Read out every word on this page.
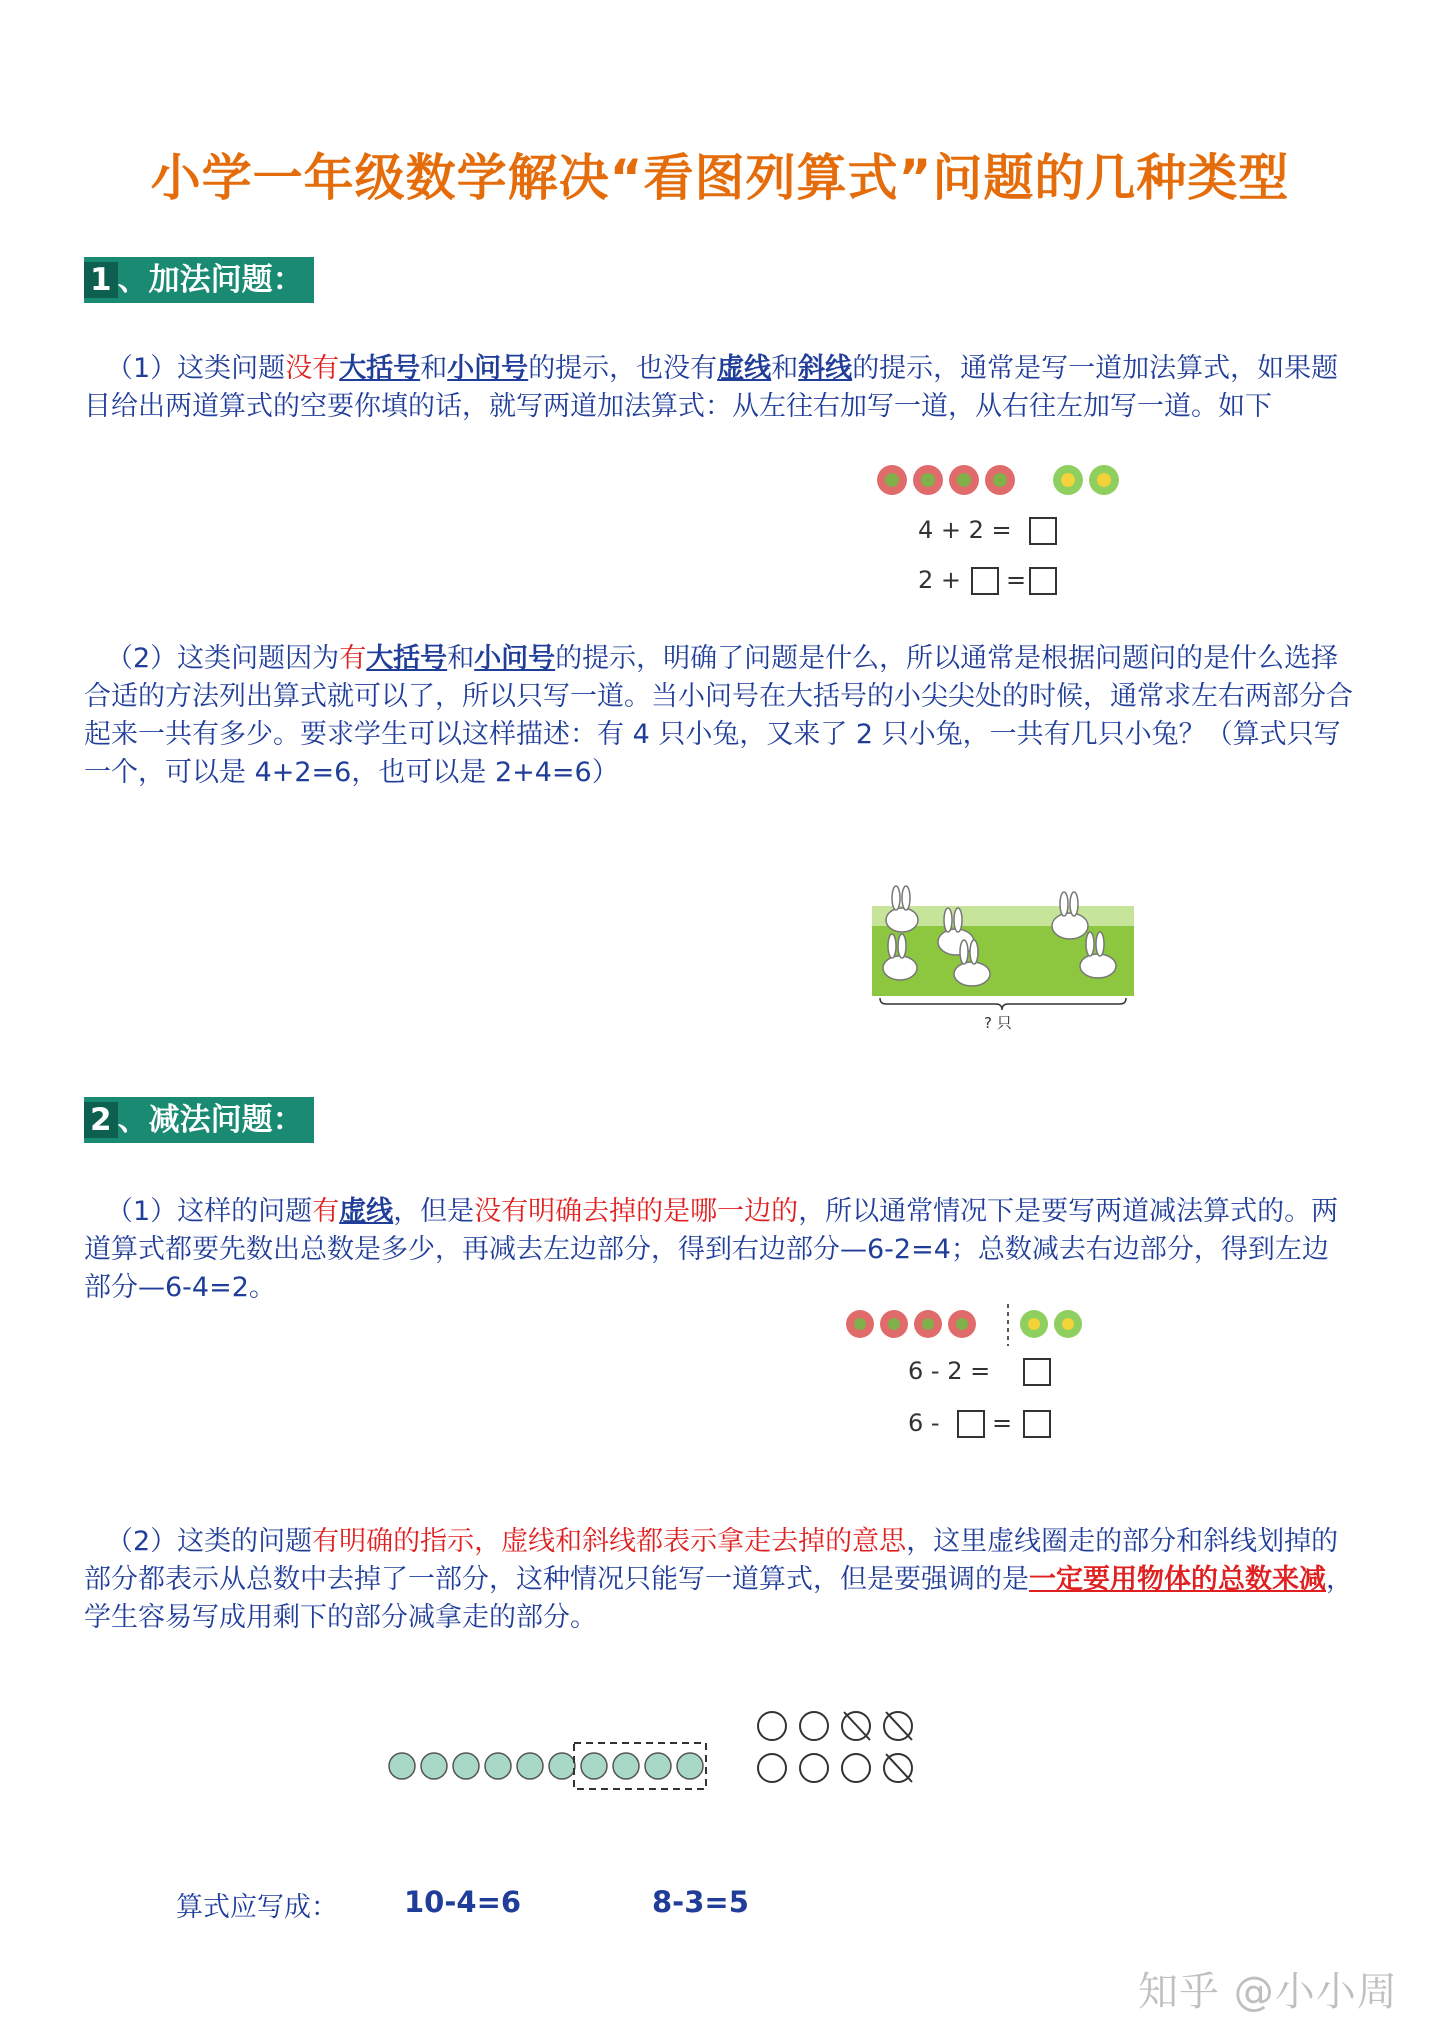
小学一年级数学解决“看图列算式”问题的几种类型
1 、加法问题：
（1）这类问题没有大括号和小问号的提示，也没有虚线和斜线的提示，通常是写一道加法算式，如果题目给出两道算式的空要你填的话，就写两道加法算式：从左往右加写一道，从右往左加写一道。如下
4 + 2 =
2 + =
（2）这类问题因为有大括号和小问号的提示，明确了问题是什么，所以通常是根据问题问的是什么选择合适的方法列出算式就可以了，所以只写一道。当小问号在大括号的小尖尖处的时候，通常求左右两部分合起来一共有多少。要求学生可以这样描述：有 4 只小兔，又来了 2 只小兔，一共有几只小兔？（算式只写一个，可以是 4+2=6，也可以是 2+4=6）
? 只
2 、减法问题：
（1）这样的问题有虚线，但是没有明确去掉的是哪一边的，所以通常情况下是要写两道减法算式的。两道算式都要先数出总数是多少，再减去左边部分，得到右边部分—6-2=4；总数减去右边部分，得到左边部分—6-4=2。
6 - 2 =
6 - =
（2）这类的问题有明确的指示，虚线和斜线都表示拿走去掉的意思，这里虚线圈走的部分和斜线划掉的部分都表示从总数中去掉了一部分，这种情况只能写一道算式，但是要强调的是一定要用物体的总数来减，学生容易写成用剩下的部分减拿走的部分。
算式应写成： 10-4=6	8-3=5
知乎 @小小周
